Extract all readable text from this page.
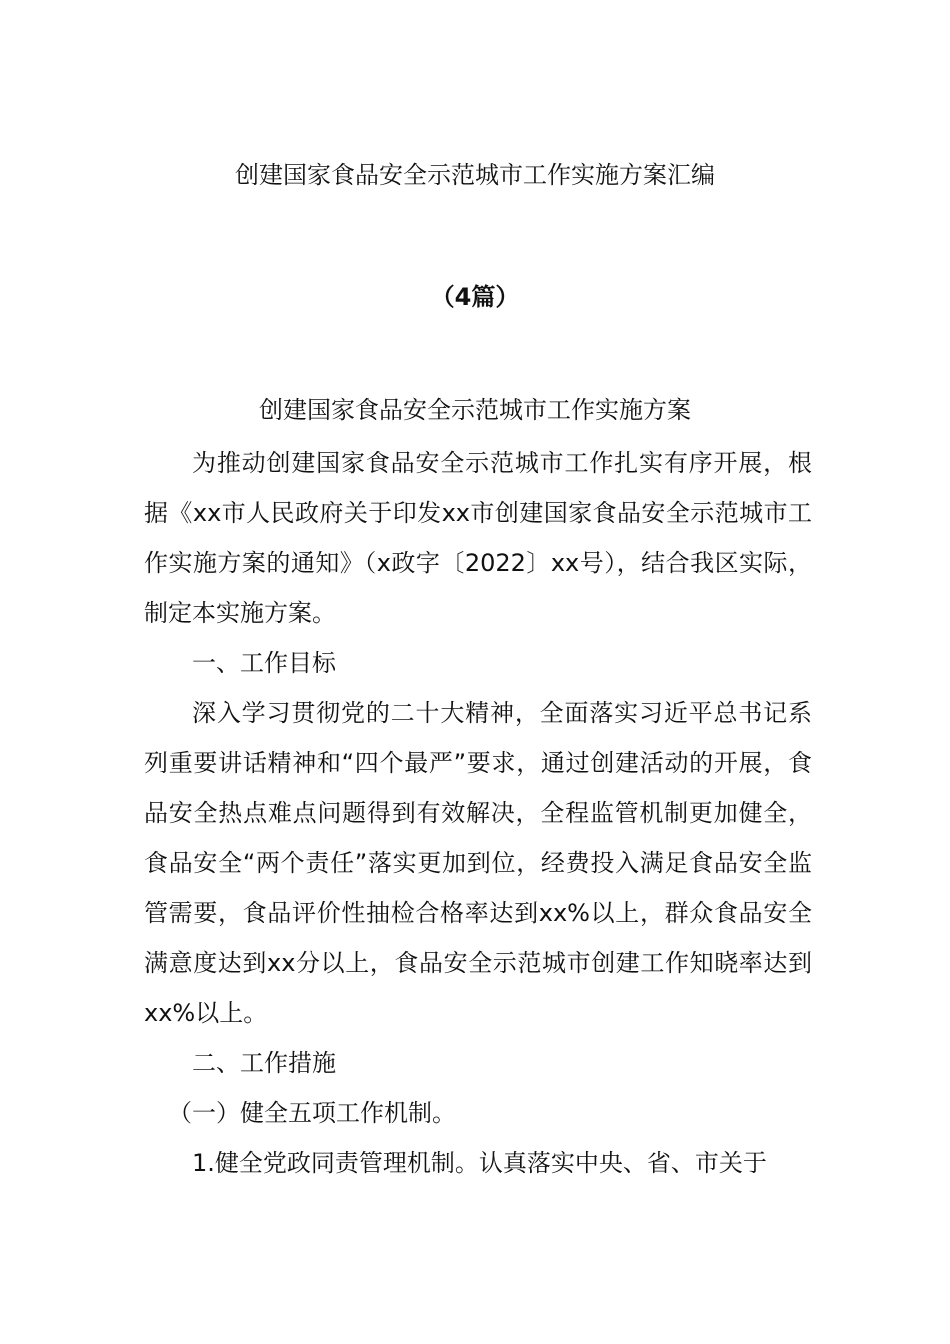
创建国家食品安全示范城市工作实施方案汇编
（4篇）
创建国家食品安全示范城市工作实施方案

为推动创建国家食品安全示范城市工作扎实有序开展，根据《xx市人民政府关于印发xx市创建国家食品安全示范城市工作实施方案的通知》（x政字〔2022〕xx号），结合我区实际，制定本实施方案。

一、工作目标

深入学习贯彻党的二十大精神，全面落实习近平总书记系列重要讲话精神和“四个最严”要求，通过创建活动的开展，食品安全热点难点问题得到有效解决，全程监管机制更加健全，食品安全“两个责任”落实更加到位，经费投入满足食品安全监管需要，食品评价性抽检合格率达到xx%以上，群众食品安全满意度达到xx分以上，食品安全示范城市创建工作知晓率达到xx%以上。

二、工作措施

（一）健全五项工作机制。

1.健全党政同责管理机制。认真落实中央、省、市关于
